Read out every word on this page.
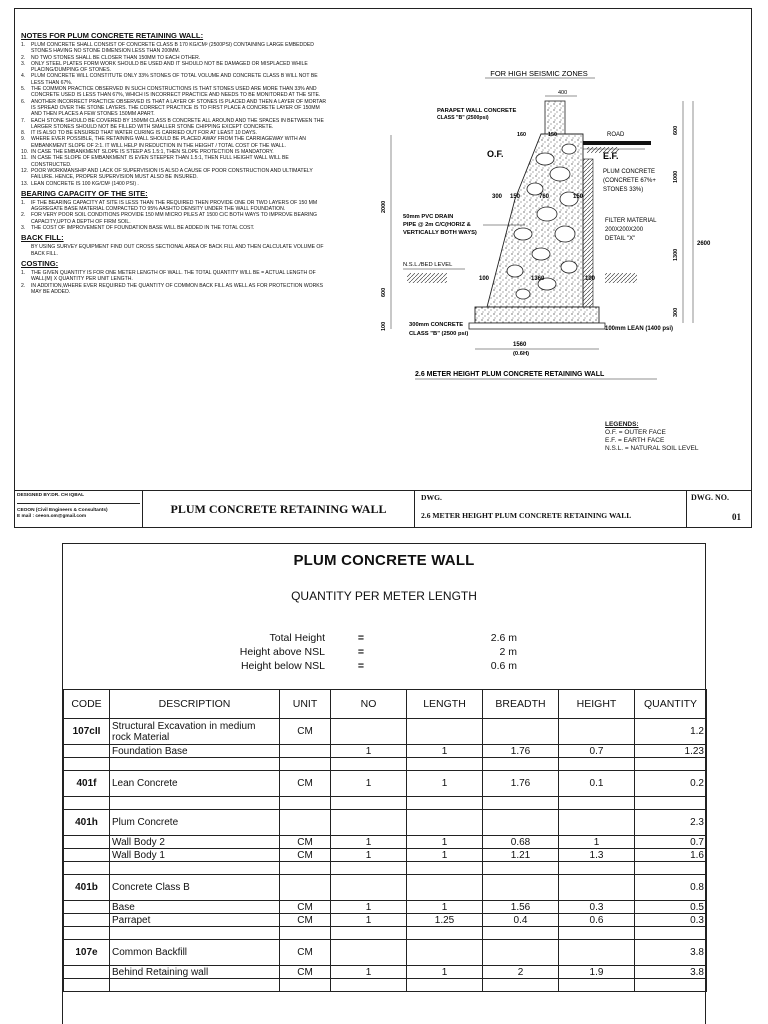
NOTES FOR PLUM CONCRETE RETAINING WALL:
1.	PLUM CONCRETE SHALL CONSIST OF CONCRETE CLASS B 170 KG/CM² (2500PSI) CONTAINING LARGE EMBEDDED STONES HAVING NO STONE DIMENSION LESS THAN 200MM.
2.	NO TWO STONES SHALL BE CLOSER THAN 150MM TO EACH OTHER.
3.	ONLY STEEL PLATES FORM WORK SHOULD BE USED AND IT SHOULD NOT BE DAMAGED OR MISPLACED WHILE PLACING/DUMPING OF STONES.
4.	PLUM CONCRETE WILL CONSTITUTE ONLY 33% STONES OF TOTAL VOLUME AND CONCRETE CLASS B WILL NOT BE LESS THAN 67%.
5.	THE COMMON PRACTICE OBSERVED IN SUCH CONSTRUCTIONS IS THAT STONES USED ARE MORE THAN 33% AND CONCRETE USED IS LESS THAN 67%, WHICH IS INCORRECT PRACTICE AND NEEDS TO BE MONITORED AT THE SITE.
6.	ANOTHER INCORRECT PRACTICE OBSERVED IS THAT A LAYER OF STONES IS PLACED AND THEN A LAYER OF MORTAR IS SPREAD OVER THE STONE LAYERS. THE CORRECT PRACTICE IS TO FIRST PLACE A CONCRETE LAYER OF 150MM AND THEN PLACES A FEW STONES 150MM APART.
7.	EACH STONE SHOULD BE COVERED BY 150MM CLASS B CONCRETE ALL AROUND AND THE SPACES IN BETWEEN THE LARGER STONES SHOULD NOT BE FILLED WITH SMALLER STONE CHIPPING EXCEPT CONCRETE.
8.	IT IS ALSO TO BE ENSURED THAT WATER CURING IS CARRIED OUT FOR AT LEAST 10 DAYS.
9.	WHERE EVER POSSIBLE, THE RETAINING WALL SHOULD BE PLACED AWAY FROM THE CARRIAGEWAY WITH AN EMBANKMENT SLOPE OF 2:1. IT WILL HELP IN REDUCTION IN THE HEIGHT / TOTAL COST OF THE WALL.
10. IN CASE THE EMBANKMENT SLOPE IS STEEP AS 1.5:1, THEN SLOPE PROTECTION IS MANDATORY.
11. IN CASE THE SLOPE OF EMBANKMENT IS EVEN STEEPER THAN 1.5:1, THEN FULL HEIGHT WALL WILL BE CONSTRUCTED.
12. POOR WORKMANSHIP AND LACK OF SUPERVISION IS ALSO A CAUSE OF POOR CONSTRUCTION AND ULTIMATELY FAILURE. HENCE, PROPER SUPERVISION MUST ALSO BE INSURED.
13. LEAN CONCRETE IS 100 KG/CM² (1400 PSI) .
BEARING CAPACITY OF THE SITE:
1.	IF THE BEARING CAPACITY AT SITE IS LESS THAN THE REQUIRED THEN PROVIDE ONE OR TWO LAYERS OF 150 MM AGGREGATE BASE MATERIAL COMPACTED TO 95% AASHTO DENSITY UNDER THE WALL FOUNDATION.
2.	FOR VERY POOR SOIL CONDITIONS PROVIDE 150 MM MICRO PILES AT 1500 C/C BOTH WAYS TO IMPROVE BEARING CAPACITY,UPTO A DEPTH OF FIRM SOIL.
3.	THE COST OF IMPROVEMENT OF FOUNDATION BASE WILL BE ADDED IN THE TOTAL COST.
BACK FILL:

BY USING SURVEY EQUIPMENT FIND OUT CROSS SECTIONAL AREA OF BACK FILL AND THEN CALCULATE VOLUME OF BACK FILL.

COSTING:
1.	THE GIVEN QUANTITY IS FOR ONE METER LENGTH OF WALL. THE TOTAL QUANTITY WILL BE = ACTUAL LENGTH OF WALL(M) X QUANTITY PER UNIT LENGTH.
2.	IN ADDITION,WHERE EVER REQUIRED THE QUANTITY OF COMMON BACK FILL AS WELL AS FOR PROTECTION WORKS MAY BE ADDED.
FOR HIGH SEISMIC ZONES
400
ROAD
PARAPET WALL CONCRETE
CLASS "B" (2500psi)
160	150
O.F.	E.F.
PLUM CONCRETE
(CONCRETE 67%+
STONES 33%)
300 150	760	150
50mm PVC DRAIN
PIPE @ 2m C/C(HORIZ &
VERTICALLY BOTH WAYS)
FILTER MATERIAL
200X200X200
DETAIL "X"
N.S.L./BED LEVEL
100	1360	100
300mm CONCRETE
CLASS "B" (2500 psi)
100mm LEAN (1400 psi)
1560
(0.6H)
2000
600
100
600
1000
1300
300
2600
2.6 METER HEIGHT PLUM CONCRETE RETAINING WALL
LEGENDS:
O.F. = OUTER FACE
E.F. = EARTH FACE
N.S.L. = NATURAL SOIL LEVEL
DESIGNED BY:DR. CH IQBAL
CEOON (Civil Engineers & Consultants)
E mail : ceeon.om@gmail.com
PLUM CONCRETE RETAINING WALL
DWG.
2.6 METER HEIGHT PLUM CONCRETE RETAINING WALL
DWG. NO.
01
PLUM CONCRETE WALL
QUANTITY PER METER LENGTH
Total Height	=	2.6 m
Height above NSL	=	2 m
Height below NSL	=	0.6 m
CODE	DESCRIPTION	UNIT	NO	LENGTH	BREADTH	HEIGHT	QUANTITY
107cII	Structural Excavation in medium rock Material	CM					1.2
	Foundation Base		1	1	1.76	0.7	1.23

401f	Lean Concrete	CM	1	1	1.76	0.1	0.2

401h	Plum Concrete						2.3
	Wall Body 2	CM	1	1	0.68	1	0.7
	Wall Body 1	CM	1	1	1.21	1.3	1.6

401b	Concrete Class B						0.8
	Base	CM	1	1	1.56	0.3	0.5
	Parrapet	CM	1	1.25	0.4	0.6	0.3

107e	Common Backfill	CM					3.8
	Behind Retaining wall	CM	1	1	2	1.9	3.8
